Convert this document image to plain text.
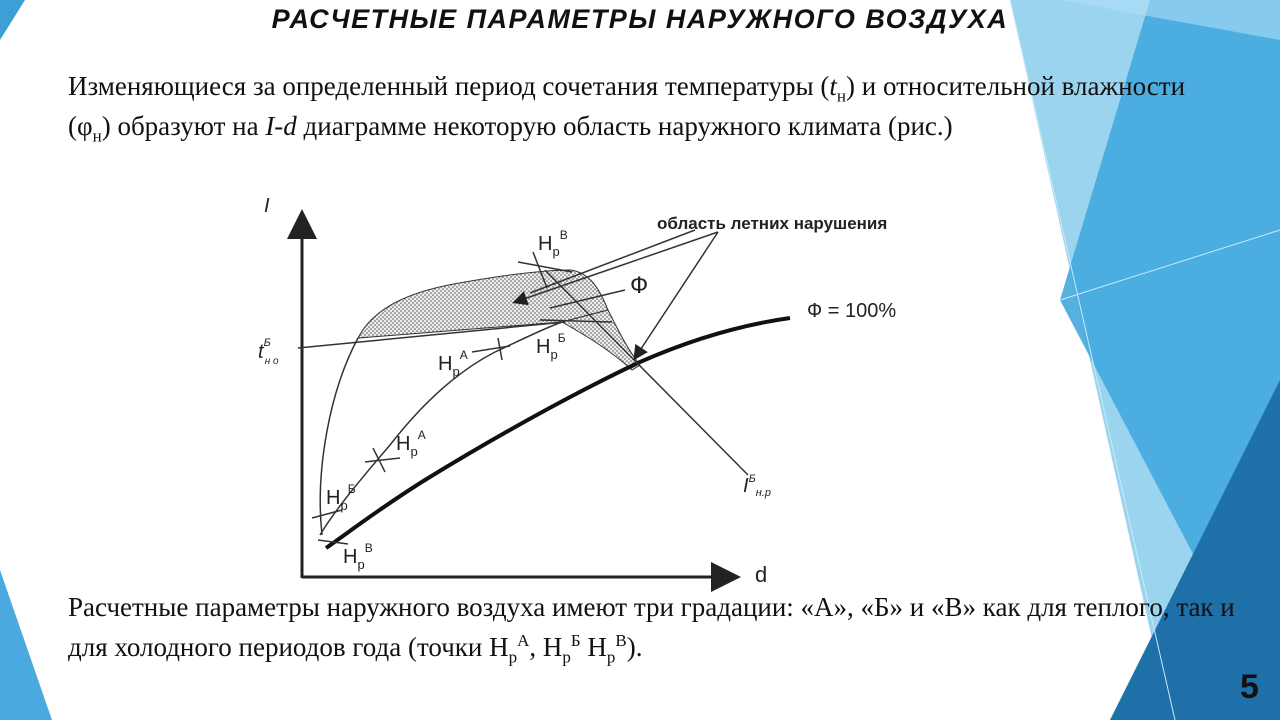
РАСЧЕТНЫЕ ПАРАМЕТРЫ НАРУЖНОГО ВОЗДУХА
Изменяющиеся за определенный период сочетания температуры $(t_н)$ и относительной влажности $(\varphi_н)$ образуют на I-d диаграмме некоторую область наружного климата (рис.)
I
d
область летних нарушения
Ф
Ф = 100%
$t^Б$ н о
$I^Б_{н.р}$
$Н_р^В$
$Н_р^Б$
$Н_р^А$
$Н_р^А$
$Н_р^Б$
$Н_р^В$
Расчетные параметры наружного воздуха имеют три градации: «А», «Б» и «В» как для теплого, так и для холодного периодов года (точки $Н_р^А$, $Н_р^Б$ $Н_р^В$).
5
